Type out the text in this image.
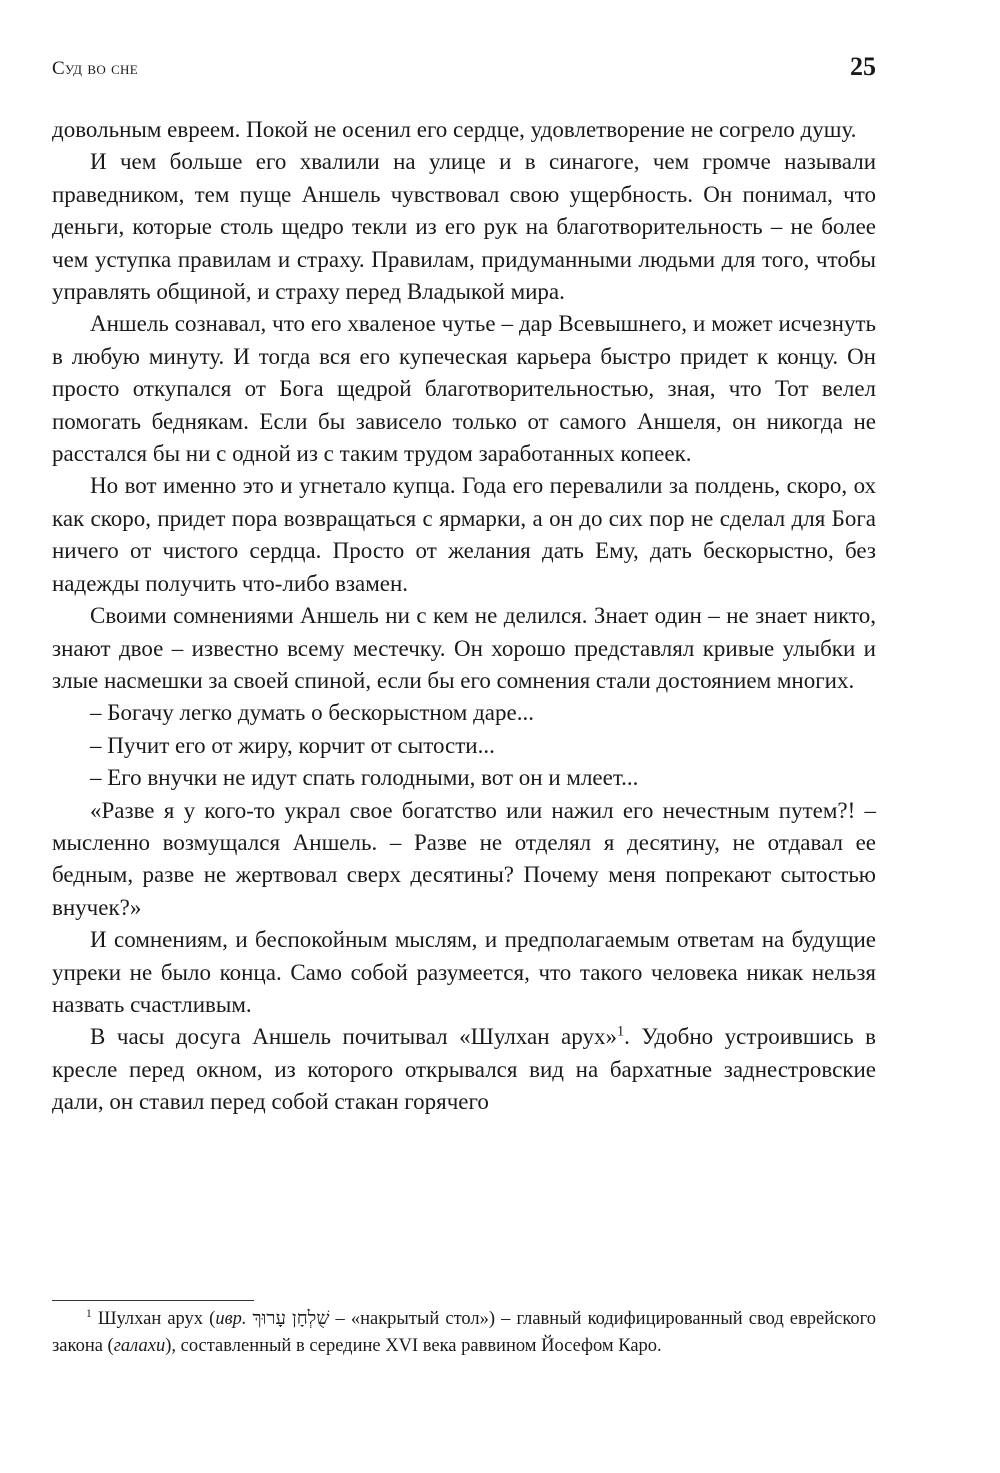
Суд во сне	25

довольным евреем. Покой не осенил его сердце, удовлетворение не согрело душу.

И чем больше его хвалили на улице и в синагоге, чем громче называли праведником, тем пуще Аншель чувствовал свою ущербность. Он понимал, что деньги, которые столь щедро текли из его рук на благотворительность – не более чем уступка правилам и страху. Правилам, придуманными людьми для того, чтобы управлять общиной, и страху перед Владыкой мира.

Аншель сознавал, что его хваленое чутье – дар Всевышнего, и может исчезнуть в любую минуту. И тогда вся его купеческая карьера быстро придет к концу. Он просто откупался от Бога щедрой благотворительностью, зная, что Тот велел помогать беднякам. Если бы зависело только от самого Аншеля, он никогда не расстался бы ни с одной из с таким трудом заработанных копеек.

Но вот именно это и угнетало купца. Года его перевалили за полдень, скоро, ох как скоро, придет пора возвращаться с ярмарки, а он до сих пор не сделал для Бога ничего от чистого сердца. Просто от желания дать Ему, дать бескорыстно, без надежды получить что-либо взамен.

Своими сомнениями Аншель ни с кем не делился. Знает один – не знает никто, знают двое – известно всему местечку. Он хорошо представлял кривые улыбки и злые насмешки за своей спиной, если бы его сомнения стали достоянием многих.

– Богачу легко думать о бескорыстном даре...

– Пучит его от жиру, корчит от сытости...

– Его внучки не идут спать голодными, вот он и млеет...

«Разве я у кого-то украл свое богатство или нажил его нечестным путем?! – мысленно возмущался Аншель. – Разве не отделял я десятину, не отдавал ее бедным, разве не жертвовал сверх десятины? Почему меня попрекают сытостью внучек?»

И сомнениям, и беспокойным мыслям, и предполагаемым ответам на будущие упреки не было конца. Само собой разумеется, что такого человека никак нельзя назвать счастливым.

В часы досуга Аншель почитывал «Шулхан арух»$^1$. Удобно устроившись в кресле перед окном, из которого открывался вид на бархатные заднестровские дали, он ставил перед собой стакан горячего

$^1$ Шулхан арух (ивр. שֻׁלְחָן עָרוּךְ – «накрытый стол») – главный кодифицированный свод еврейского закона (галахи), составленный в середине XVI века раввином Йосефом Каро.
